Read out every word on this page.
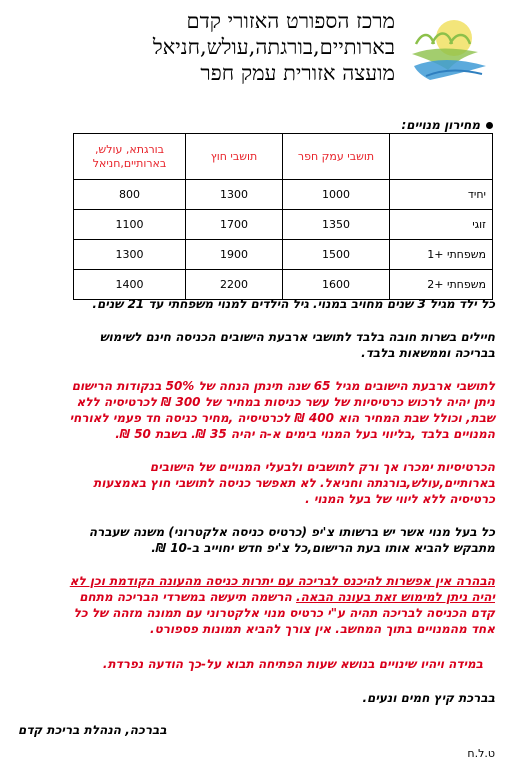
מרכז הספורט האזורי קדם
בארותיים,בורגתה,עולש,חניאל
מועצה אזורית עמק חפר
מחירון מנויים:
	תושבי עמק חפר	תושבי חוץ	בורגתא, עולש, בארותיים,חניאל
יחיד	1000	1300	800
זוגי	1350	1700	1100
משפחתי +1	1500	1900	1300
משפחתי +2	1600	2200	1400
כל ילד מגיל 3 שנים מחויב במנוי. גיל הילדים למנוי משפחתי עד 21 שנים.
חיילים בשרות חובה בלבד לתושבי ארבעת הישובים הכניסה חינם לשימוש
בבריכה וממשאות בלבד.
לתושבי ארבעת הישובים מגיל 65 שנה תינתן הנחה של 50% בנקודות הרישום
ניתן יהיה לרכוש כרטיסיות של עשר כניסות במחיר של 300 ₪ לכרטיסיה ללא
שבת, וכולל שבת המחיר הוא 400 ₪ לכרטיסיה ,מחיר כניסה חד פעמי לאורחי
המנויים בלבד ,בליווי בעל המנוי בימים א-ה יהיה 35 ₪. בשבת 50 ₪.
הכרטיסיות ימכרו אך ורק לתושבים ולבעלי המנויים של הישובים
בארותיים,עולש,בורגתה וחניאל. לא תאפשר כניסה לתושבי חוץ באמצעות
כרטיסיה ללא ליווי של בעל המנוי .
כל בעל מנוי אשר יש ברשותו צ'יפ (כרטיס כניסה אלקטרוני) משנה שעברה
מתבקש להביא אותו בעת הרישום,כל צ'יפ חדש יחוייב ב-10 ₪.
הבהרה אין אפשרות להיכנס לבריכה עם יתרות כניסה מהעונה הקודמת וכן לא
יהיה ניתן למימוש זאת בעונה הבאה. הרשמה תיעשה במשרדי הבריכה מתחם
קדם הכניסה לבריכה תהיה ע"י כרטיס מנוי אלקטרוני עם תמונה מזהה של כל
אחד מהמנויים בתוך המחשב. אין צורך להביא תמונות פספורט.
במידה ויהיו שינויים בנושא שעות הפתיחה תבוא על-כך הודעה נפרדת.
בברכת קיץ חמים ונעים.
בברכה, הנהלת בריכת קדם
ט.ל.ח
